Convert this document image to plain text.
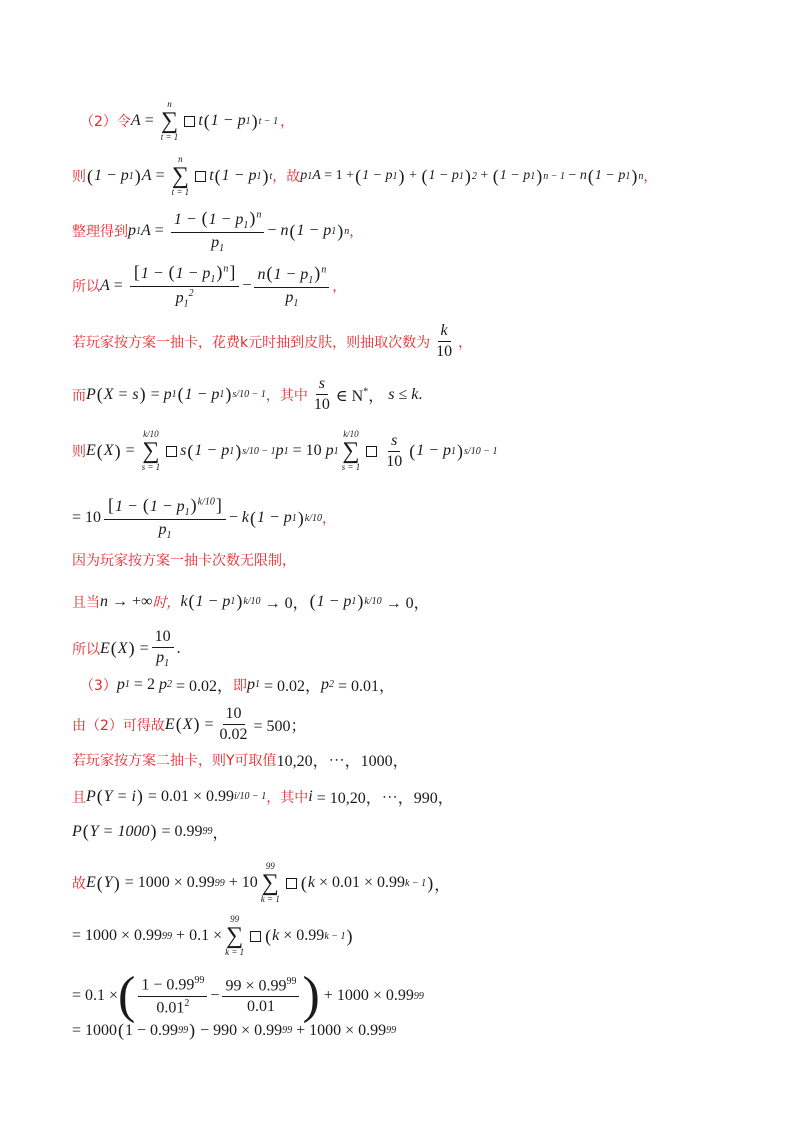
（2）令 A =
n
∑
t = 1
t ( 1 − p 1 ) t − 1 ，
则 ( 1 − p 1 ) A =
n
∑
t = 1
t ( 1 − p 1 ) t ， 故 p 1 A = 1 + ( 1 − p 1 ) + ( 1 − p 1 ) 2 + ( 1 − p 1 ) n − 1 − n ( 1 − p 1 ) n ，
整理得到 p 1 $A = \frac{1 - (1 - p_1)^n}{p_1} - n$ ( 1 − p 1 ) n ，
所以 $A = \frac{[1 - (1 - p_1)^n]}{p_1^2} - \frac{n(1 - p_1)^n}{p_1}$ ，
若玩家按方案一抽卡，花费k元时抽到皮肤，则抽取次数为 $\frac{k}{10}$ ，
而 P ( X = s ) = p 1 ( 1 − p 1 ) s/10 − 1 ，其中 $\frac{s}{10}$ ∈ N*， s ≤ k .
则 E ( X ) =
k/10
∑
s = 1
s ( 1 − p 1 ) s/10 − 1 p 1 = 10 p 1
k/10
∑
$s = 1 \frac{s}{10}$ ( 1 − p 1 ) s/10 − 1
= $10 \frac{[1 - (1 - p_1)^{k/10}]}{p_1} - k$ ( 1 − p 1 ) k/10 ，
因为玩家按方案一抽卡次数无限制，
且当 n → +∞ 时， k ( 1 − p 1 ) k/10 → 0， ( 1 − p 1 ) k/10 → 0，
所以 E ( X ) = $\frac{10}{p_1}$ .
（3） p 1 = 2 p 2 = 0.02， 即 p 1 = 0.02， p 2 = 0.01，
由（2）可得故 E ( X ) = $\frac{10}{0.02} = 500$；
若玩家按方案二抽卡，则Y可取值 10,20，⋯，1000，
且 P ( Y = i ) = 0.01 × 0.99 i/10 − 1 ，其中 i = 10,20，⋯，990，
P ( Y = 1000 ) = 0.99 99 ，
故 E ( Y ) = 1000 × 0.99 99 + 10
99
∑
k = 1
( k × 0.01 × 0.99 k − 1 ) ，
= 1000 × 0.99 99 + 0.1 ×
99
∑
k = 1
( k × 0.99 k − 1 )
= 0.1 × ( $\frac{1 - 0.99^{99}}{0.01^2} - \frac{99 \times 0.99^{99}}{0.01}$ ) + 1000 × 0.99 99
= 1000 ( 1 − 0.99 99 ) − 990 × 0.99 99 + 1000 × 0.99 99
